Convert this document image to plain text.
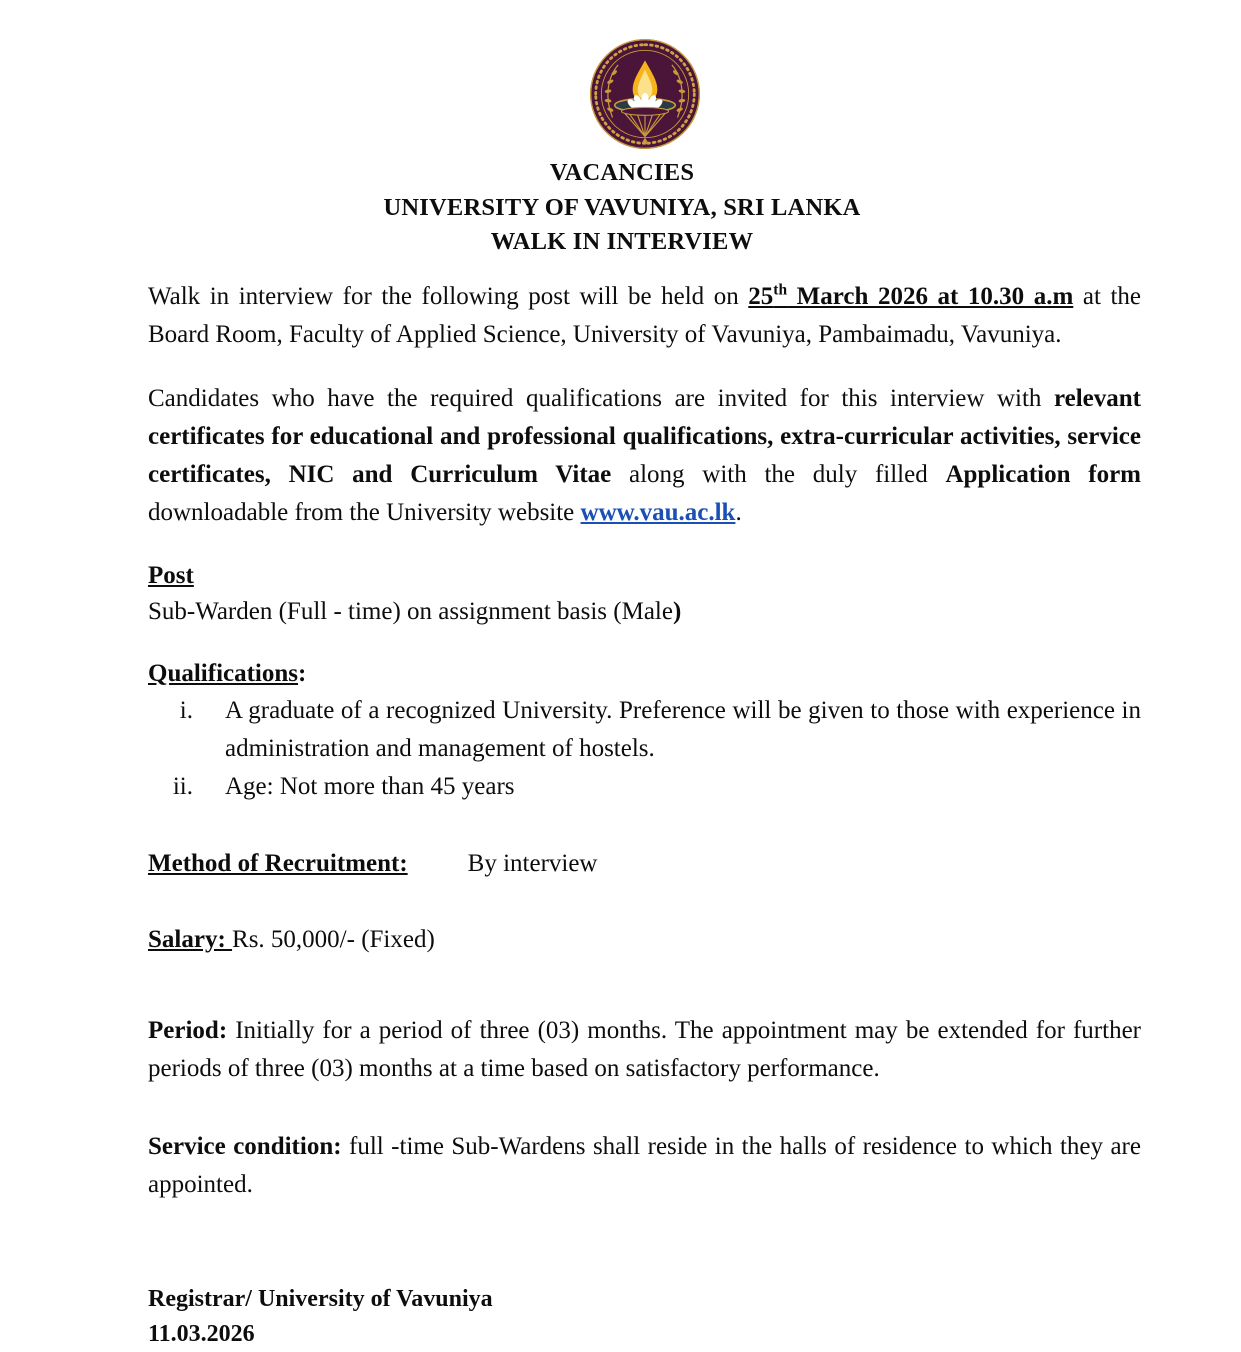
VACANCIES
UNIVERSITY OF VAVUNIYA, SRI LANKA
WALK IN INTERVIEW

Walk in interview for the following post will be held on 25th March 2026 at 10.30 a.m at the Board Room, Faculty of Applied Science, University of Vavuniya, Pambaimadu, Vavuniya.

Candidates who have the required qualifications are invited for this interview with relevant certificates for educational and professional qualifications, extra-curricular activities, service certificates, NIC and Curriculum Vitae along with the duly filled Application form downloadable from the University website www.vau.ac.lk.

Post

Sub-Warden (Full - time) on assignment basis (Male)

Qualifications:

i. A graduate of a recognized University. Preference will be given to those with experience in administration and management of hostels.
ii. Age: Not more than 45 years
Method of Recruitment: By interview

Salary: Rs. 50,000/- (Fixed)

Period: Initially for a period of three (03) months. The appointment may be extended for further periods of three (03) months at a time based on satisfactory performance.

Service condition: full -time Sub-Wardens shall reside in the halls of residence to which they are appointed.

Registrar/ University of Vavuniya
11.03.2026
